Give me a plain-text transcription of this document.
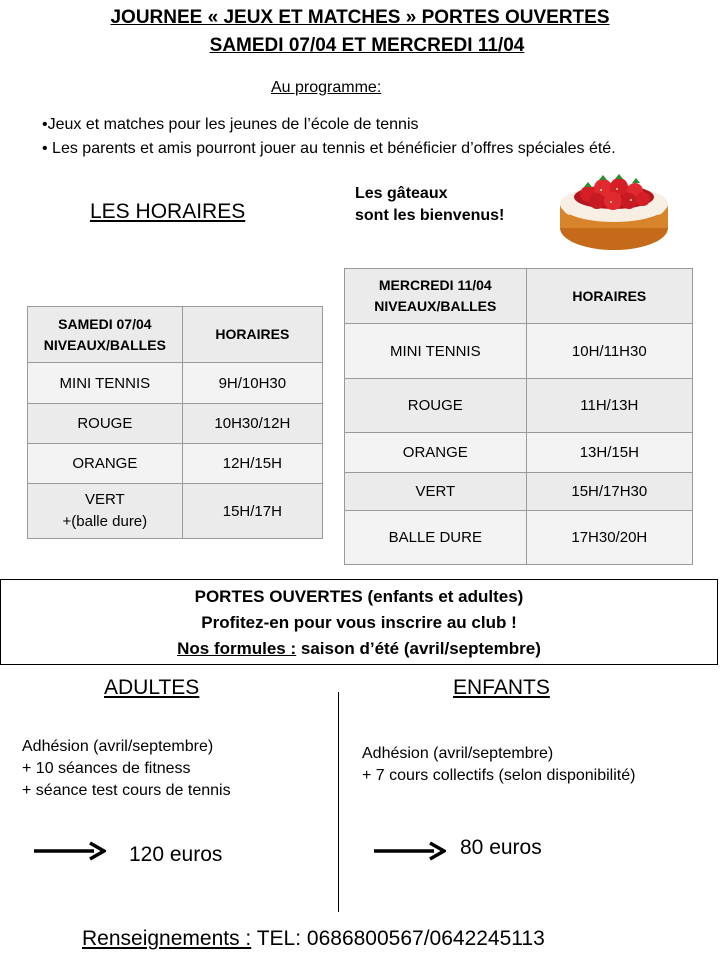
JOURNEE « JEUX ET MATCHES » PORTES OUVERTES
SAMEDI 07/04 ET MERCREDI 11/04
Au programme:
•Jeux et matches pour les jeunes de l’école de tennis
• Les parents et amis pourront jouer au tennis et bénéficier d’offres spéciales été.
LES HORAIRES
Les gâteaux
sont les bienvenus!
SAMEDI 07/04
NIVEAUX/BALLES	HORAIRES
MINI TENNIS	9H/10H30
ROUGE	10H30/12H
ORANGE	12H/15H

VERT
+(balle dure)	15H/17H
MERCREDI 11/04
NIVEAUX/BALLES	HORAIRES
MINI TENNIS	10H/11H30
ROUGE	11H/13H
ORANGE	13H/15H
VERT	15H/17H30
BALLE DURE	17H30/20H
PORTES OUVERTES (enfants et adultes)
Profitez-en pour vous inscrire au club !
Nos formules : saison d’été (avril/septembre)
ADULTES
Adhésion (avril/septembre)
+ 10 séances de fitness
+ séance test cours de tennis
120 euros
ENFANTS
Adhésion (avril/septembre)
+ 7 cours collectifs (selon disponibilité)
80 euros
Renseignements : TEL: 0686800567/0642245113
